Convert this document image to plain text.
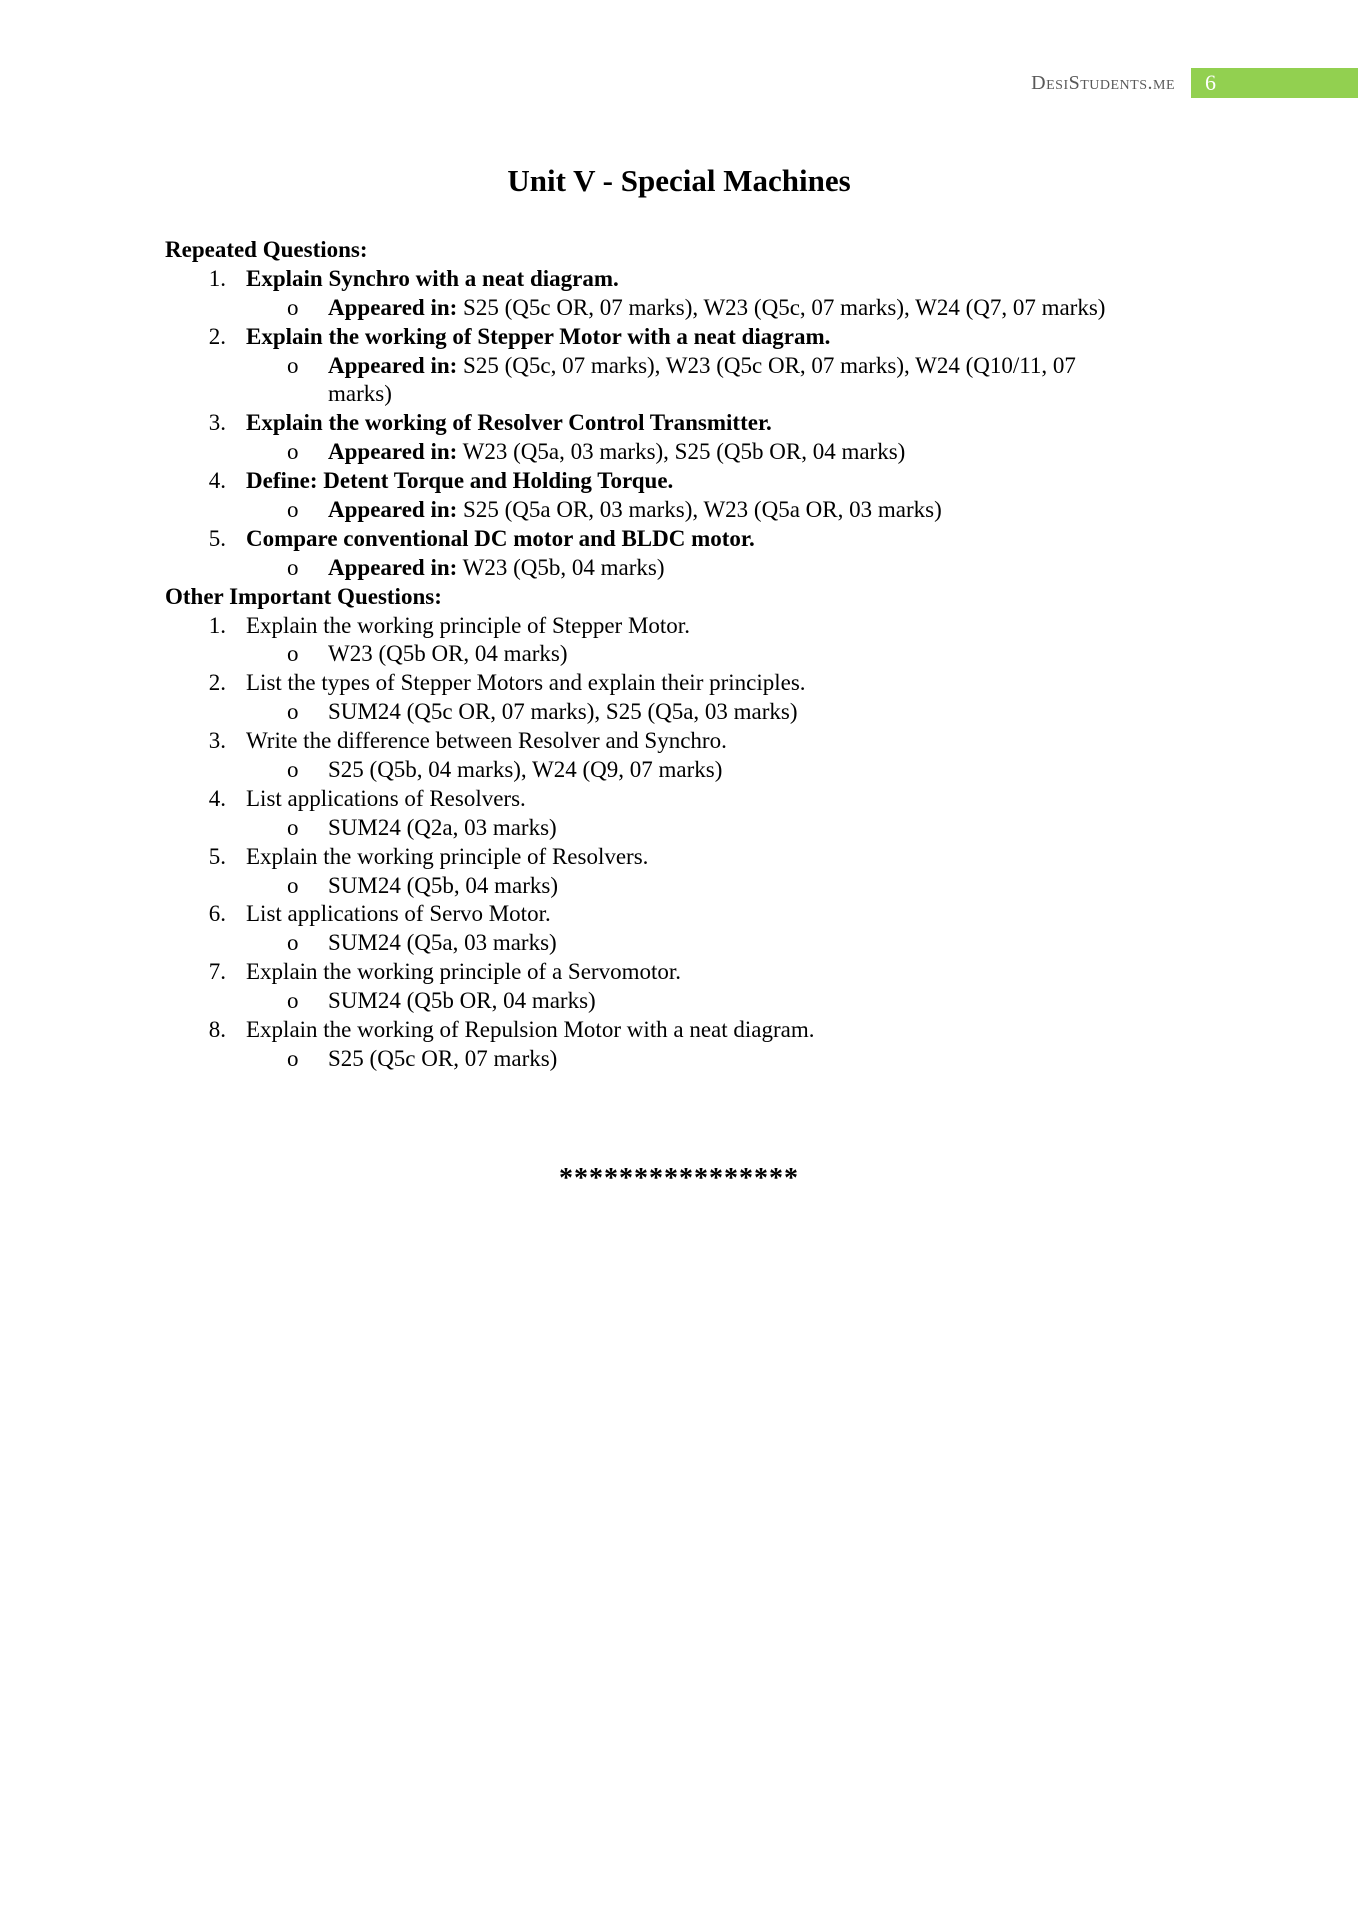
DesiStudents.me	6
Unit V - Special Machines
Repeated Questions:
1. Explain Synchro with a neat diagram.
o Appeared in: S25 (Q5c OR, 07 marks), W23 (Q5c, 07 marks), W24 (Q7, 07 marks)
2. Explain the working of Stepper Motor with a neat diagram.
o Appeared in: S25 (Q5c, 07 marks), W23 (Q5c OR, 07 marks), W24 (Q10/11, 07
marks)
3. Explain the working of Resolver Control Transmitter.
o Appeared in: W23 (Q5a, 03 marks), S25 (Q5b OR, 04 marks)
4. Define: Detent Torque and Holding Torque.
o Appeared in: S25 (Q5a OR, 03 marks), W23 (Q5a OR, 03 marks)
5. Compare conventional DC motor and BLDC motor.
o Appeared in: W23 (Q5b, 04 marks)
Other Important Questions:
1. Explain the working principle of Stepper Motor.
o W23 (Q5b OR, 04 marks)
2. List the types of Stepper Motors and explain their principles.
o SUM24 (Q5c OR, 07 marks), S25 (Q5a, 03 marks)
3. Write the difference between Resolver and Synchro.
o S25 (Q5b, 04 marks), W24 (Q9, 07 marks)
4. List applications of Resolvers.
o SUM24 (Q2a, 03 marks)
5. Explain the working principle of Resolvers.
o SUM24 (Q5b, 04 marks)
6. List applications of Servo Motor.
o SUM24 (Q5a, 03 marks)
7. Explain the working principle of a Servomotor.
o SUM24 (Q5b OR, 04 marks)
8. Explain the working of Repulsion Motor with a neat diagram.
o S25 (Q5c OR, 07 marks)
****************
